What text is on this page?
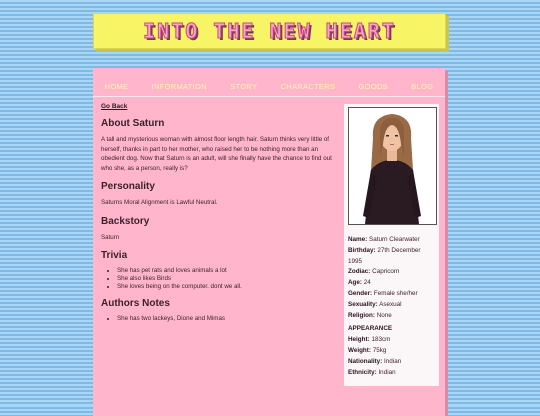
INTO THE NEW HEART
HOME	INFORMATION	STORY	CHARACTERS	GOODS	BLOG
Go Back
About Saturn

A tall and mysterious woman with almost floor length hair. Saturn thinks very little of herself, thanks in part to her mother, who raised her to be nothing more than an obedient dog. Now that Saturn is an adult, will she finally have the chance to find out who she, as a person, really is?

Personality

Saturns Moral Alignment is Lawful Neutral.

Backstory

Saturn

Trivia
• She has pet rats and loves animals a lot
• She also likes Birds
• She loves being on the computer. dont we all.
Authors Notes
• She has two lackeys, Dione and Mimas
Name: Saturn Clearwater
Birthday: 27th December 1995
Zodiac: Capricorn
Age: 24
Gender: Female she/her
Sexuality: Asexual
Religion: None
APPEARANCE
Height: 183cm
Weight: 75kg
Nationality: Indian
Ethnicity: Indian
